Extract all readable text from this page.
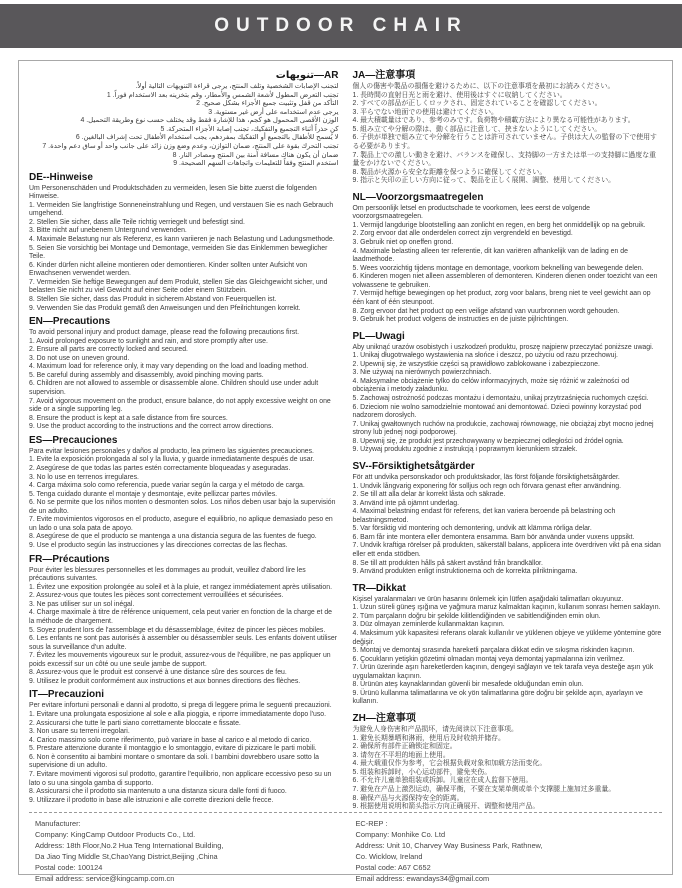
OUTDOOR CHAIR
AR—تنويهات
لتجنب الإصابات الشخصية وتلف المنتج، يرجى قراءة التنويهات التالية أولاً.
تجنب التعرض المطول لأشعة الشمس والأمطار، وقم بتخزينه بعد الاستخدام فوراً. 1
التأكد من قفل وتثبيت جميع الأجزاء بشكل صحيح. 2
يرجى عدم استخدامه على أرض غير مستوية. 3
الوزن الأقصى المحمول هو كجم، هذا للإشارة فقط وقد يختلف حسب نوع وطريقة التحميل. 4
كن حذراً أثناء التجميع والتفكيك، تجنب إصابة الأجزاء المتحركة. 5
لا يُسمح للأطفال بالتجميع أو التفكيك بمفردهم، يجب استخدام الأطفال تحت إشراف البالغين. 6
تجنب التحرك بقوة على المنتج، ضمان التوازن، وعدم وضع وزن زائد على جانب واحد أو ساق دعم واحدة. 7
ضمان أن يكون هناك مسافة آمنة بين المنتج ومصادر النار. 8
استخدم المنتج وفقاً للتعليمات واتجاهات السهم الصحيحة. 9
DE--Hinweise
Um Personenschäden und Produktschäden zu vermeiden, lesen Sie bitte zuerst die folgenden Hinweise.
1. Vermeiden Sie langfristige Sonneneinstrahlung und Regen, und verstauen Sie es nach Gebrauch umgehend.
2. Stellen Sie sicher, dass alle Teile richtig verriegelt und befestigt sind.
3. Bitte nicht auf unebenem Untergrund verwenden.
4. Maximale Belastung nur als Referenz, es kann variieren je nach Belastung und Ladungsmethode.
5. Seien Sie vorsichtig bei Montage und Demontage, vermeiden Sie das Einklemmen beweglicher Teile.
6. Kinder dürfen nicht alleine montieren oder demontieren. Kinder sollten unter Aufsicht von Erwachsenen verwendet werden.
7. Vermeiden Sie heftige Bewegungen auf dem Produkt, stellen Sie das Gleichgewicht sicher, und belasten Sie nicht zu viel Gewicht auf einer Seite oder einem Stützbein.
8. Stellen Sie sicher, dass das Produkt in sicherem Abstand von Feuerquellen ist.
9. Verwenden Sie das Produkt gemäß den Anweisungen und den Pfeilrichtungen korrekt.
EN—Precautions
To avoid personal injury and product damage, please read the following precautions first.
1. Avoid prolonged exposure to sunlight and rain, and store promptly after use.
2. Ensure all parts are correctly locked and secured.
3. Do not use on uneven ground.
4. Maximum load for reference only, it may vary depending on the load and loading method.
5. Be careful during assembly and disassembly, avoid pinching moving parts.
6. Children are not allowed to assemble or disassemble alone. Children should use under adult supervision.
7. Avoid vigorous movement on the product, ensure balance, do not apply excessive weight on one side or a single supporting leg.
8. Ensure the product is kept at a safe distance from fire sources.
9. Use the product according to the instructions and the correct arrow directions.
ES—Precauciones
Para evitar lesiones personales y daños al producto, lea primero las siguientes precauciones.
1. Evite la exposición prolongada al sol y la lluvia, y guarde inmediatamente después de usar.
2. Asegúrese de que todas las partes estén correctamente bloqueadas y aseguradas.
3. No lo use en terrenos irregulares.
4. Carga máxima solo como referencia, puede variar según la carga y el método de carga.
5. Tenga cuidado durante el montaje y desmontaje, evite pellizcar partes móviles.
6. No se permite que los niños monten o desmonten solos. Los niños deben usar bajo la supervisión de un adulto.
7. Evite movimientos vigorosos en el producto, asegure el equilibrio, no aplique demasiado peso en un lado o una sola pata de apoyo.
8. Asegúrese de que el producto se mantenga a una distancia segura de las fuentes de fuego.
9. Use el producto según las instrucciones y las direcciones correctas de las flechas.
FR—Précautions
Pour éviter les blessures personnelles et les dommages au produit, veuillez d'abord lire les précautions suivantes.
1. Évitez une exposition prolongée au soleil et à la pluie, et rangez immédiatement après utilisation.
2. Assurez-vous que toutes les pièces sont correctement verrouillées et sécurisées.
3. Ne pas utiliser sur un sol inégal.
4. Charge maximale à titre de référence uniquement, cela peut varier en fonction de la charge et de la méthode de chargement.
5. Soyez prudent lors de l'assemblage et du désassemblage, évitez de pincer les pièces mobiles.
6. Les enfants ne sont pas autorisés à assembler ou désassembler seuls. Les enfants doivent utiliser sous la surveillance d'un adulte.
7. Évitez les mouvements vigoureux sur le produit, assurez-vous de l'équilibre, ne pas appliquer un poids excessif sur un côté ou une seule jambe de support.
8. Assurez-vous que le produit est conservé à une distance sûre des sources de feu.
9. Utilisez le produit conformément aux instructions et aux bonnes directions des flèches.
IT—Precauzioni
Per evitare infortuni personali e danni al prodotto, si prega di leggere prima le seguenti precauzioni.
1. Evitare una prolungata esposizione al sole e alla pioggia, e riporre immediatamente dopo l'uso.
2. Assicurarsi che tutte le parti siano correttamente bloccate e fissate.
3. Non usare su terreni irregolari.
4. Carico massimo solo come riferimento, può variare in base al carico e al metodo di carico.
5. Prestare attenzione durante il montaggio e lo smontaggio, evitare di pizzicare le parti mobili.
6. Non è consentito ai bambini montare o smontare da soli. I bambini dovrebbero usare sotto la supervisione di un adulto.
7. Evitare movimenti vigorosi sul prodotto, garantire l'equilibrio, non applicare eccessivo peso su un lato o su una singola gamba di supporto.
8. Assicurarsi che il prodotto sia mantenuto a una distanza sicura dalle fonti di fuoco.
9. Utilizzare il prodotto in base alle istruzioni e alle corrette direzioni delle frecce.
JA—注意事項
個人の傷害や製品の損傷を避けるために、以下の注意事項を最初にお読みください。
1. 長時間の直射日光と雨を避け、使用後はすぐに収納してください。
2. すべての部品が正しくロックされ、固定されていることを確認してください。
3. 平らでない地面での使用は避けてください。
4. 最大積載量はであり、参考のみです。負荷物や積載方法により異なる可能性があります。
5. 組み立てや分解の際は、動く部品に注意して、挟まないようにしてください。
6. 子供が単独で組み立てや分解を行うことは許可されていません。子供は大人の監督の下で使用する必要があります。
7. 製品上での激しい動きを避け、バランスを確保し、支持脚の一方または単一の支持脚に過度な重量をかけないでください。
8. 製品が火源から安全な距離を保つように確保してください。
9. 指示と矢印の正しい方向に従って、製品を正しく展開、調整、使用してください。
NL—Voorzorgsmaatregelen
Om persoonlijk letsel en productschade te voorkomen, lees eerst de volgende voorzorgsmaatregelen.
1. Vermijd langdurige blootstelling aan zonlicht en regen, en berg het onmiddellijk op na gebruik.
2. Zorg ervoor dat alle onderdelen correct zijn vergrendeld en bevestigd.
3. Gebruik niet op oneffen grond.
4. Maximale belasting alleen ter referentie, dit kan variëren afhankelijk van de lading en de laadmethode.
5. Wees voorzichtig tijdens montage en demontage, voorkom beknelling van bewegende delen.
6. Kinderen mogen niet alleen assembleren of demonteren. Kinderen dienen onder toezicht van een volwassene te gebruiken.
7. Vermijd heftige bewegingen op het product, zorg voor balans, breng niet te veel gewicht aan op één kant of één steunpoot.
8. Zorg ervoor dat het product op een veilige afstand van vuurbronnen wordt gehouden.
9. Gebruik het product volgens de instructies en de juiste pijlrichtingen.
PL—Uwagi
Aby uniknąć urazów osobistych i uszkodzeń produktu, proszę najpierw przeczytać poniższe uwagi.
1. Unikaj długotrwałego wystawienia na słońce i deszcz, po użyciu od razu przechowuj.
2. Upewnij się, że wszystkie części są prawidłowo zablokowane i zabezpieczone.
3. Nie używaj na nierównych powierzchniach.
4. Maksymalne obciążenie tylko do celów informacyjnych, może się różnić w zależności od obciążenia i metody załadunku.
5. Zachowaj ostrożność podczas montażu i demontażu, unikaj przytrzaśnięcia ruchomych części.
6. Dzieciom nie wolno samodzielnie montować ani demontować. Dzieci powinny korzystać pod nadzorem dorosłych.
7. Unikaj gwałtownych ruchów na produkcie, zachowaj równowagę, nie obciążaj zbyt mocno jednej strony lub jednej nogi podporowej.
8. Upewnij się, że produkt jest przechowywany w bezpiecznej odległości od źródeł ognia.
9. Używaj produktu zgodnie z instrukcją i poprawnym kierunkiem strzałek.
SV--Försiktighetsåtgärder
För att undvika personskador och produktskador, läs först följande försiktighetsåtgärder.
1. Undvik långvarig exponering för solljus och regn och förvara genast efter användning.
2. Se till att alla delar är korrekt låsta och säkrade.
3. Använd inte på ojämnt underlag.
4. Maximal belastning endast för referens, det kan variera beroende på belastning och belastningsmetod.
5. Var försiktig vid montering och demontering, undvik att klämma rörliga delar.
6. Barn får inte montera eller demontera ensamma. Barn bör använda under vuxens uppsikt.
7. Undvik kraftiga rörelser på produkten, säkerställ balans, applicera inte överdriven vikt på ena sidan eller ett enda stödben.
8. Se till att produkten hålls på säkert avstånd från brandkällor.
9. Använd produkten enligt instruktionerna och de korrekta pilriktningarna.
TR—Dikkat
Kişisel yaralanmaları ve ürün hasarını önlemek için lütfen aşağıdaki talimatları okuyunuz.
1. Uzun süreli güneş ışığına ve yağmura maruz kalmaktan kaçının, kullanım sonrası hemen saklayın.
2. Tüm parçaların doğru bir şekilde kilitlendiğinden ve sabitlendiğinden emin olun.
3. Düz olmayan zeminlerde kullanmaktan kaçının.
4. Maksimum yük kapasitesi referans olarak kullanılır ve yüklenen objeye ve yükleme yöntemine göre değişir.
5. Montaj ve demontaj sırasında hareketli parçalara dikkat edin ve sıkışma riskinden kaçının.
6. Çocukların yetişkin gözetimi olmadan montaj veya demontaj yapmalarına izin verilmez.
7. Ürün üzerinde aşırı hareketlerden kaçının, dengeyi sağlayın ve tek tarafa veya desteğe aşırı yük uygulamaktan kaçının.
8. Ürünün ateş kaynaklarından güvenli bir mesafede olduğundan emin olun.
9. Ürünü kullanma talimatlarına ve ok yön talimatlarına göre doğru bir şekilde açın, ayarlayın ve kullanın.
ZH—注意事项
为避免人身伤害和产品损坏，请先阅读以下注意事项。
1. 避免长期暴晒和淋雨，使用后及时收纳并储存。
2. 确保所有部件正确锁定和固定。
3. 请勿在不平坦的地面上使用。
4. 最大载重仅作为参考，它会根据负载对象和加载方法而变化。
5. 组装和拆卸时，小心运动部件，避免夹伤。
6. 不允许儿童单独组装或拆卸。儿童应在成人监督下使用。
7. 避免在产品上激烈运动，确保平衡，不要在支架单侧或单个支撑腿上施加过多重量。
8. 确保产品与火源保持安全的距离。
9. 根据使用说明和箭头指示方向正确展开、调整和使用产品。
Manufacturer:
Company: KingCamp Outdoor Products Co., Ltd.
Address: 18th Floor,No.2 Hua Teng International Building,
Da Jiao Ting Middle St,ChaoYang District,Beijing ,China
Postal code: 100124
Email address: service@kingcamp.com.cn
EC-REP :
Company: Monhike Co. Ltd
Address: Unit 10, Charvey Way Business Park, Rathnew,
Co. Wicklow, Ireland
Postal code: A67 C652
Email address: ewandays34@gmail.com
